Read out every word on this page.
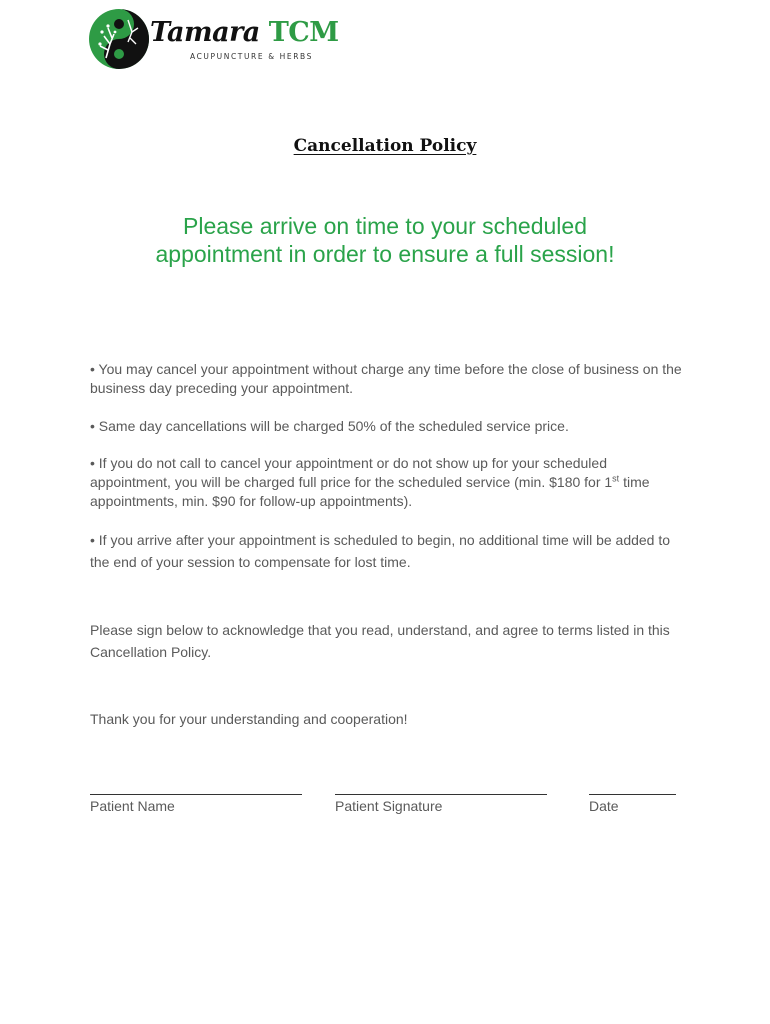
Tamara TCM
ACUPUNCTURE & HERBS
Cancellation Policy
Please arrive on time to your scheduled appointment in order to ensure a full session!
• You may cancel your appointment without charge any time before the close of business on the business day preceding your appointment.
• Same day cancellations will be charged 50% of the scheduled service price.
• If you do not call to cancel your appointment or do not show up for your scheduled appointment, you will be charged full price for the scheduled service (min. $180 for 1st time appointments, min. $90 for follow-up appointments).
• If you arrive after your appointment is scheduled to begin, no additional time will be added to the end of your session to compensate for lost time.
Please sign below to acknowledge that you read, understand, and agree to terms listed in this Cancellation Policy.
Thank you for your understanding and cooperation!
Patient Name	Patient Signature	Date
